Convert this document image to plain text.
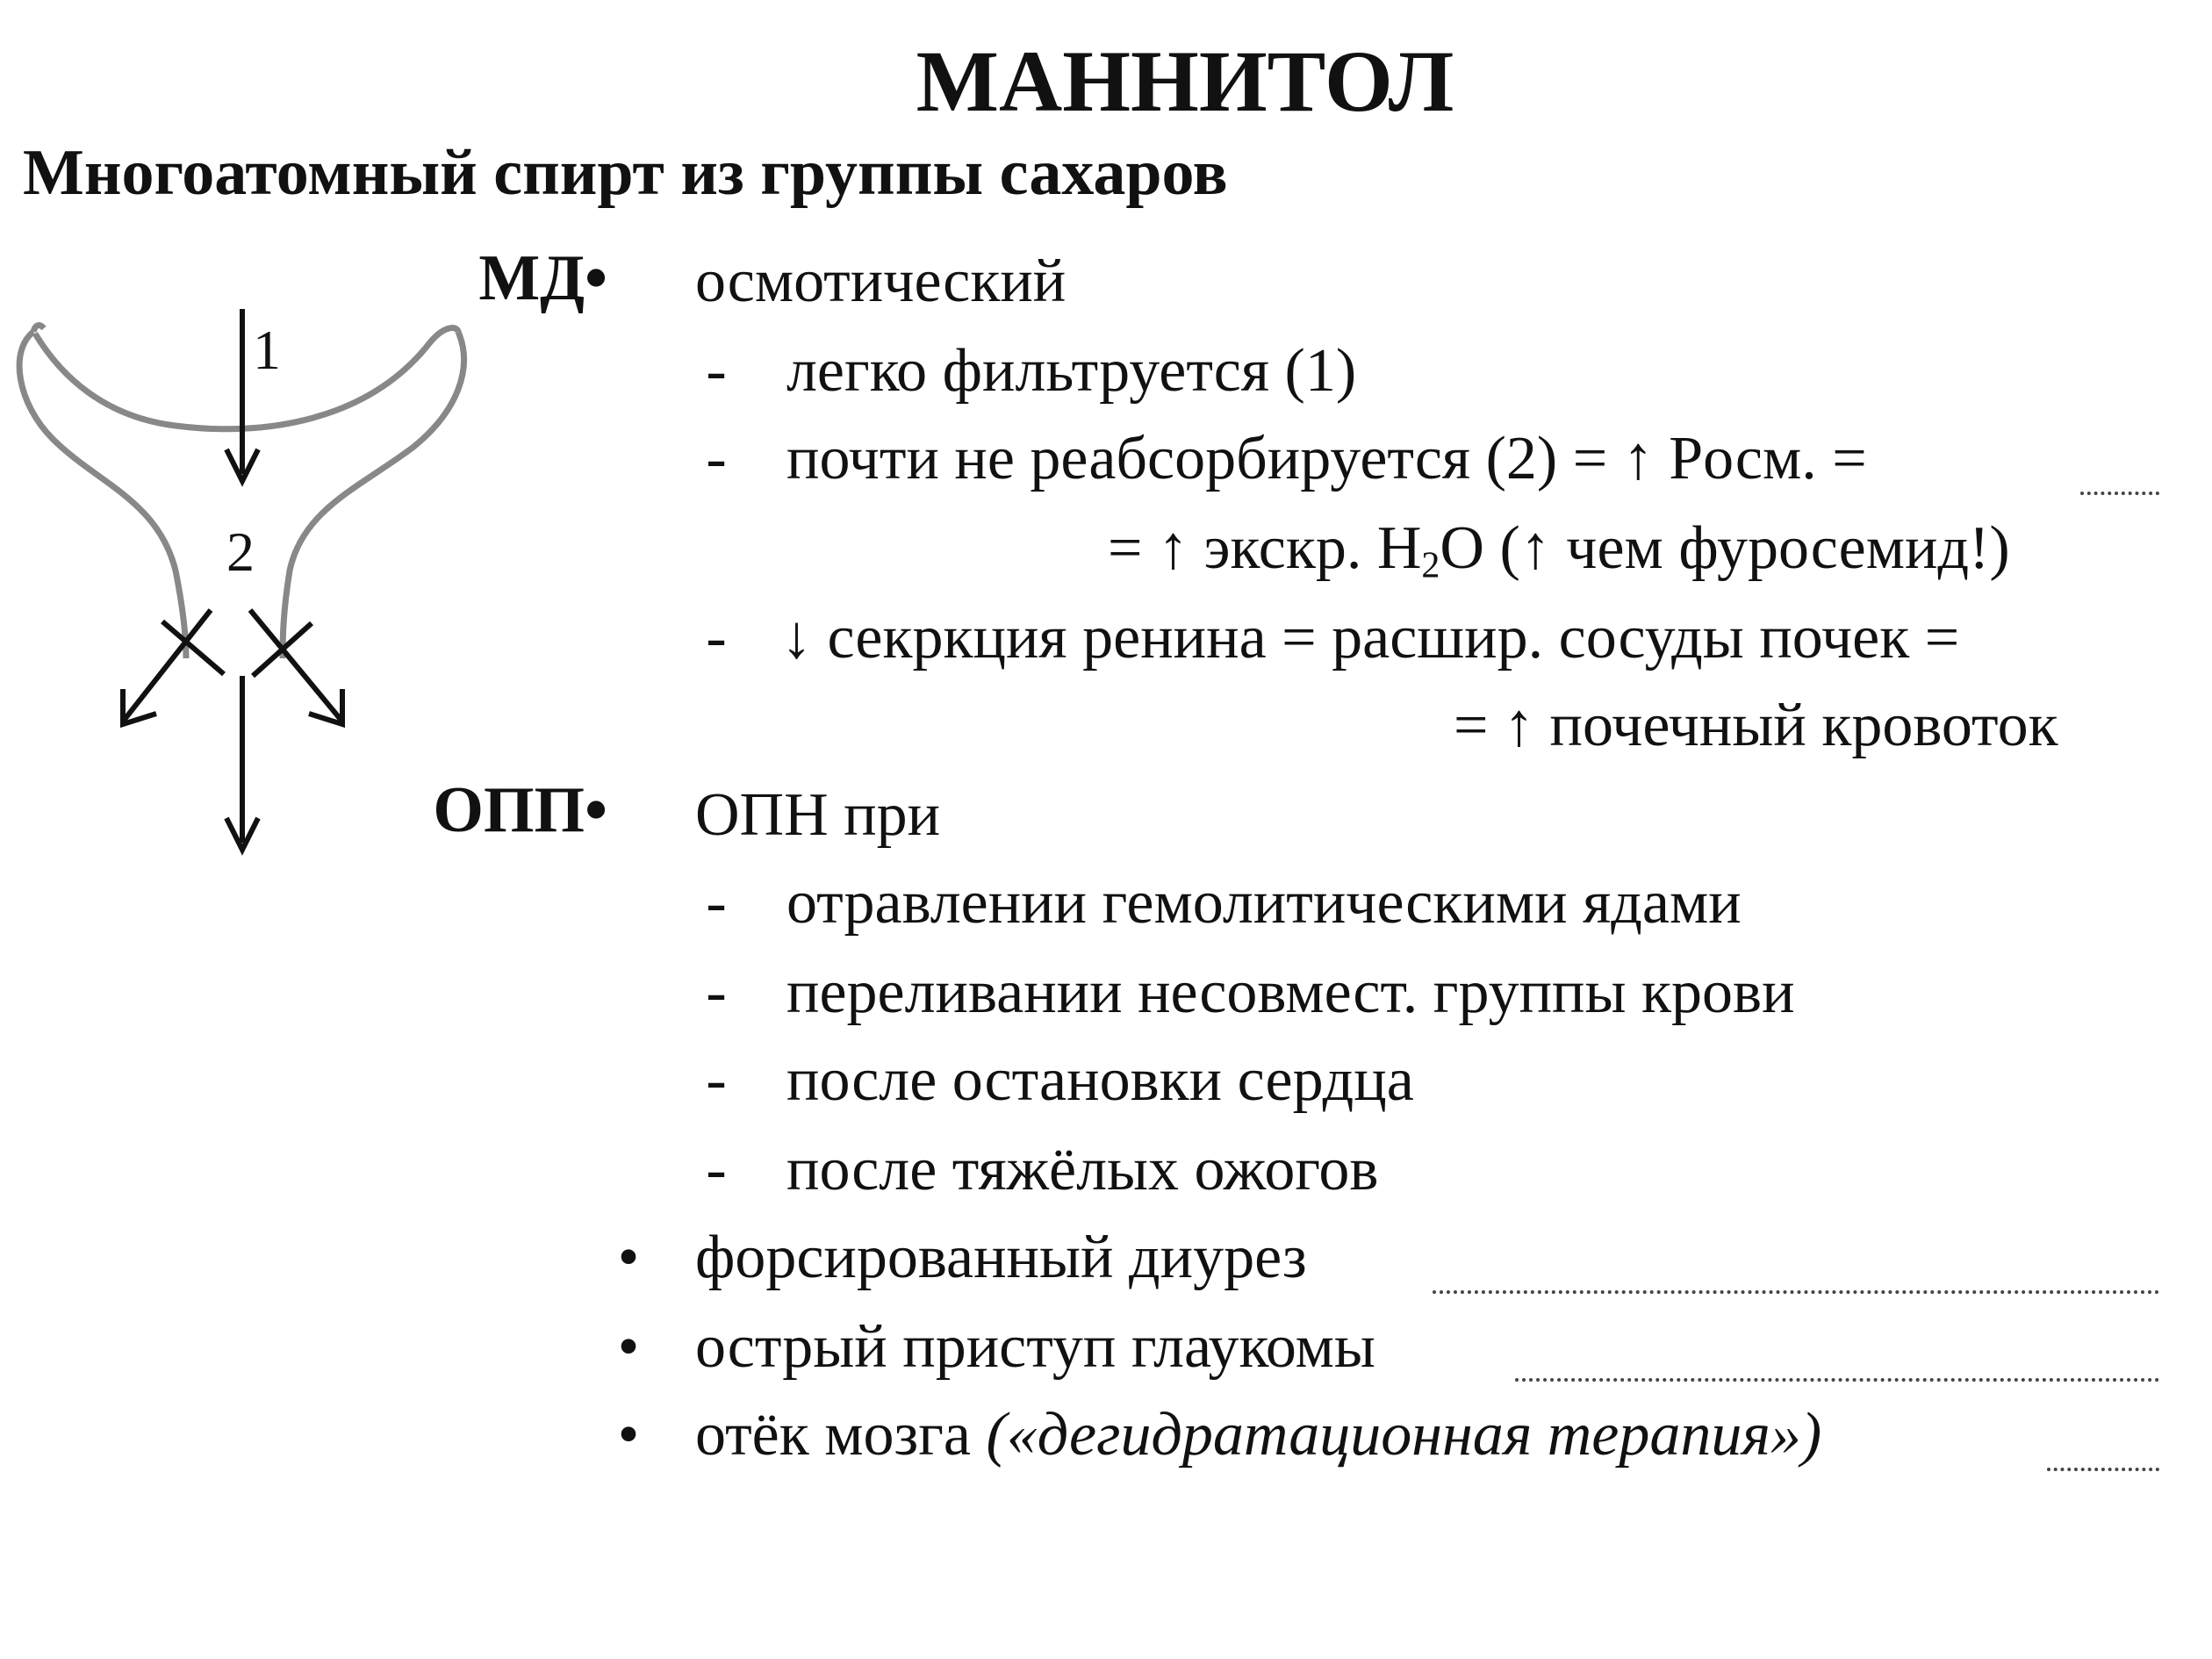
МАННИТОЛ
Многоатомный спирт из группы сахаров
1
2
МД• осмотический
- легко фильтруется (1)
- почти не реабсорбируется (2) = ↑ Pосм. =
= ↑ экскр. $H_2O$ (↑ чем фуросемид!)
- ↓ секркция ренина = расшир. сосуды почек =
= ↑ почечный кровоток
ОПП• ОПН при
- отравлении гемолитическими ядами
- переливании несовмест. группы крови
- после остановки сердца
- после тяжёлых ожогов
• форсированный диурез
• острый приступ глаукомы
• отёк мозга («дегидратационная терапия»)
